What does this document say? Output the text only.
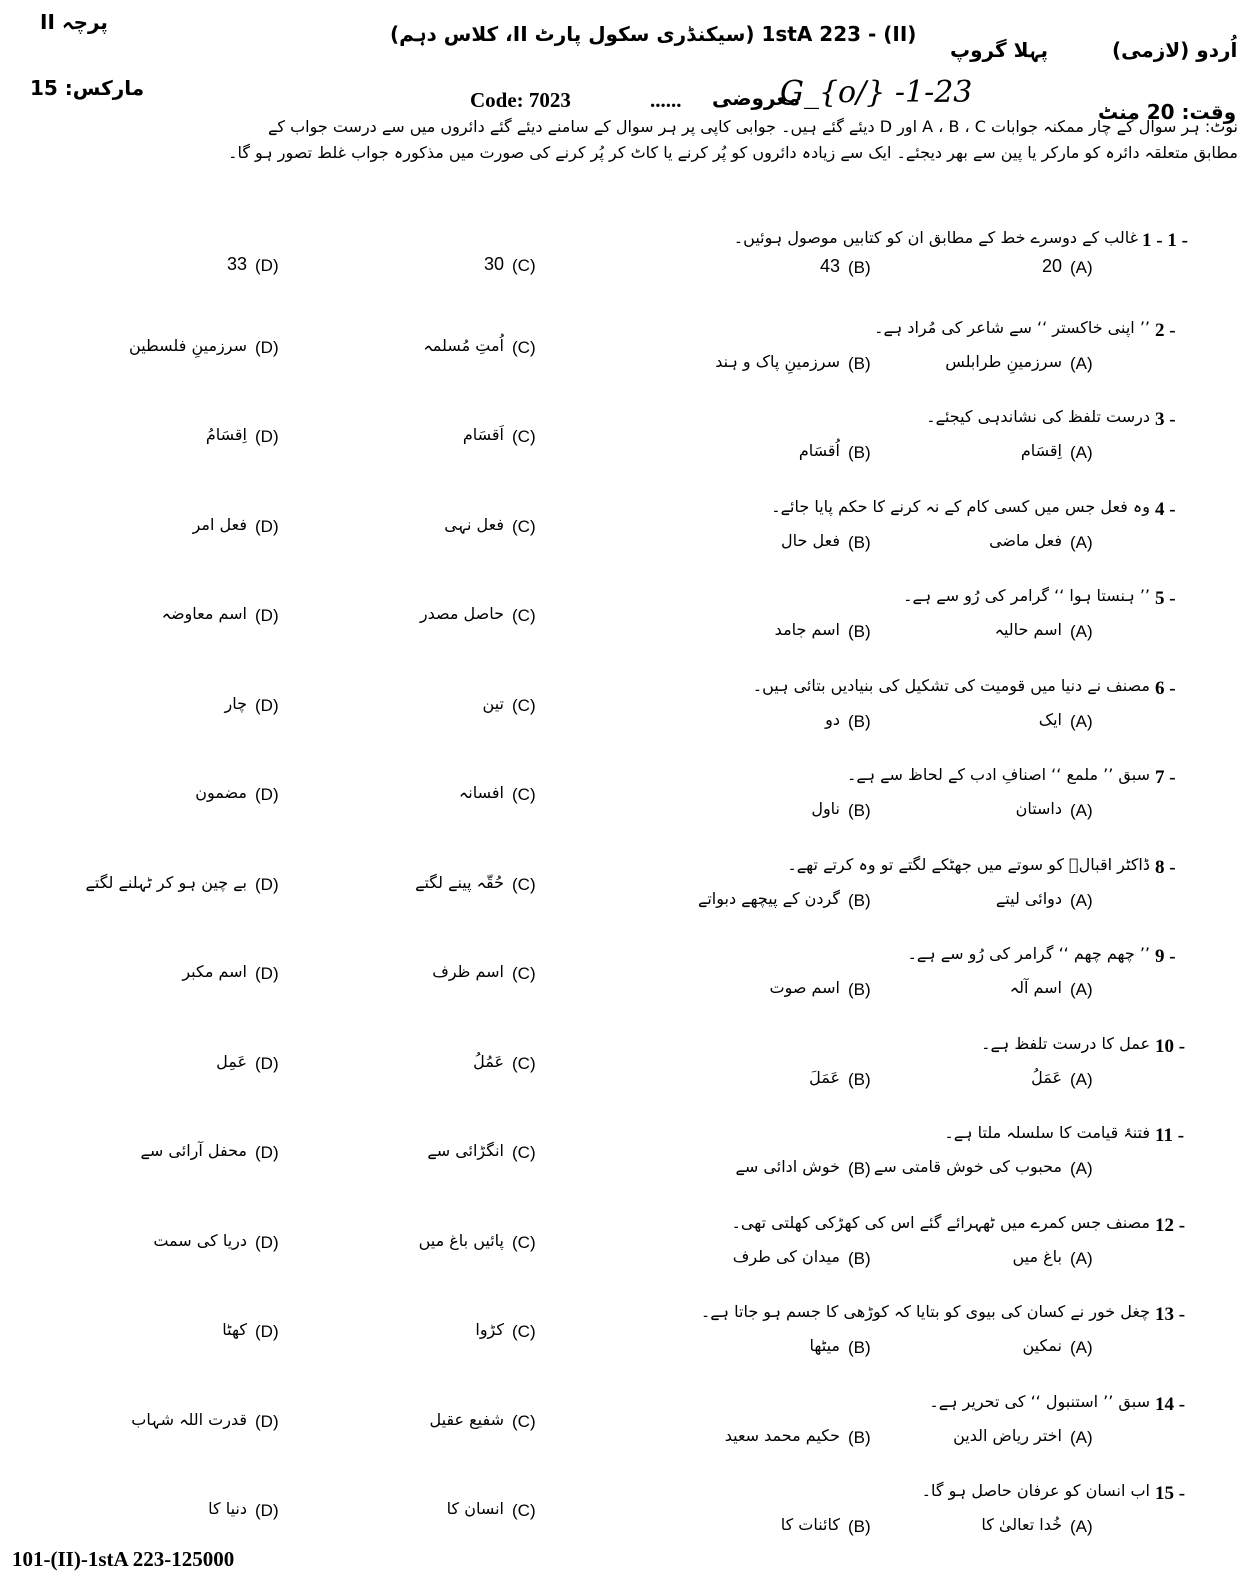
پرچہ II	1stA 223 - (II) (سیکنڈری سکول پارٹ II، کلاس دہم)
پہلا گروپ	اُردو (لازمی)
مارکس: 15	Code: 7023	...... معروضی
G_{o/} -1-23
وقت: 20 منٹ
نوٹ: ہر سوال کے چار ممکنہ جوابات A ، B ، C اور D دیئے گئے ہیں۔ جوابی کاپی پر ہر سوال کے سامنے دیئے گئے دائروں میں سے درست جواب کے
مطابق متعلقہ دائرہ کو مارکر یا پین سے بھر دیجئے۔ ایک سے زیادہ دائروں کو پُر کرنے یا کاٹ کر پُر کرنے کی صورت میں مذکورہ جواب غلط تصور ہو گا۔
1 - 1 -
غالب کے دوسرے خط کے مطابق ان کو کتابیں موصول ہوئیں۔
(A)
20
(B)
43
(C)
30
(D)
33
2 -
’’ اپنی خاکستر ‘‘ سے شاعر کی مُراد ہے۔
(A)
سرزمینِ طرابلس
(B)
سرزمینِ پاک و ہند
(C)
اُمتِ مُسلمہ
(D)
سرزمینِ فلسطین
3 -
درست تلفظ کی نشاندہی کیجئے۔
(A)
اِقسَام
(B)
اُقسَام
(C)
اَقسَام
(D)
اِقسَامُ
4 -
وہ فعل جس میں کسی کام کے نہ کرنے کا حکم پایا جائے۔
(A)
فعل ماضی
(B)
فعل حال
(C)
فعل نہی
(D)
فعل امر
5 -
’’ ہنستا ہوا ‘‘ گرامر کی رُو سے ہے۔
(A)
اسم حالیہ
(B)
اسم جامد
(C)
حاصل مصدر
(D)
اسم معاوضہ
6 -
مصنف نے دنیا میں قومیت کی تشکیل کی بنیادیں بتائی ہیں۔
(A)
ایک
(B)
دو
(C)
تین
(D)
چار
7 -
سبق ’’ ملمع ‘‘ اصنافِ ادب کے لحاظ سے ہے۔
(A)
داستان
(B)
ناول
(C)
افسانہ
(D)
مضمون
8 -
ڈاکٹر اقبالؒ کو سوتے میں جھٹکے لگتے تو وہ کرتے تھے۔
(A)
دوائی لیتے
(B)
گردن کے پیچھے دبواتے
(C)
حُقّہ پینے لگتے
(D)
بے چین ہو کر ٹہلنے لگتے
9 -
’’ چھم چھم ‘‘ گرامر کی رُو سے ہے۔
(A)
اسم آلہ
(B)
اسم صوت
(C)
اسم ظرف
(D)
اسم مکبر
10 -
عمل کا درست تلفظ ہے۔
(A)
عَمَلُ
(B)
عَمَلَ
(C)
عَمُلُ
(D)
عَمِل
11 -
فتنۂ قیامت کا سلسلہ ملتا ہے۔
(A)
محبوب کی خوش قامتی سے
(B)
خوش ادائی سے
(C)
انگڑائی سے
(D)
محفل آرائی سے
12 -
مصنف جس کمرے میں ٹھہرائے گئے اس کی کھڑکی کھلتی تھی۔
(A)
باغ میں
(B)
میدان کی طرف
(C)
پائیں باغ میں
(D)
دریا کی سمت
13 -
چغل خور نے کسان کی بیوی کو بتایا کہ کوڑھی کا جسم ہو جاتا ہے۔
(A)
نمکین
(B)
میٹھا
(C)
کڑوا
(D)
کھٹا
14 -
سبق ’’ استنبول ‘‘ کی تحریر ہے۔
(A)
اختر ریاض الدین
(B)
حکیم محمد سعید
(C)
شفیع عقیل
(D)
قدرت اللہ شہاب
15 -
اب انسان کو عرفان حاصل ہو گا۔
(A)
خُدا تعالیٰ کا
(B)
کائنات کا
(C)
انسان کا
(D)
دنیا کا
101-(II)-1stA 223-125000
